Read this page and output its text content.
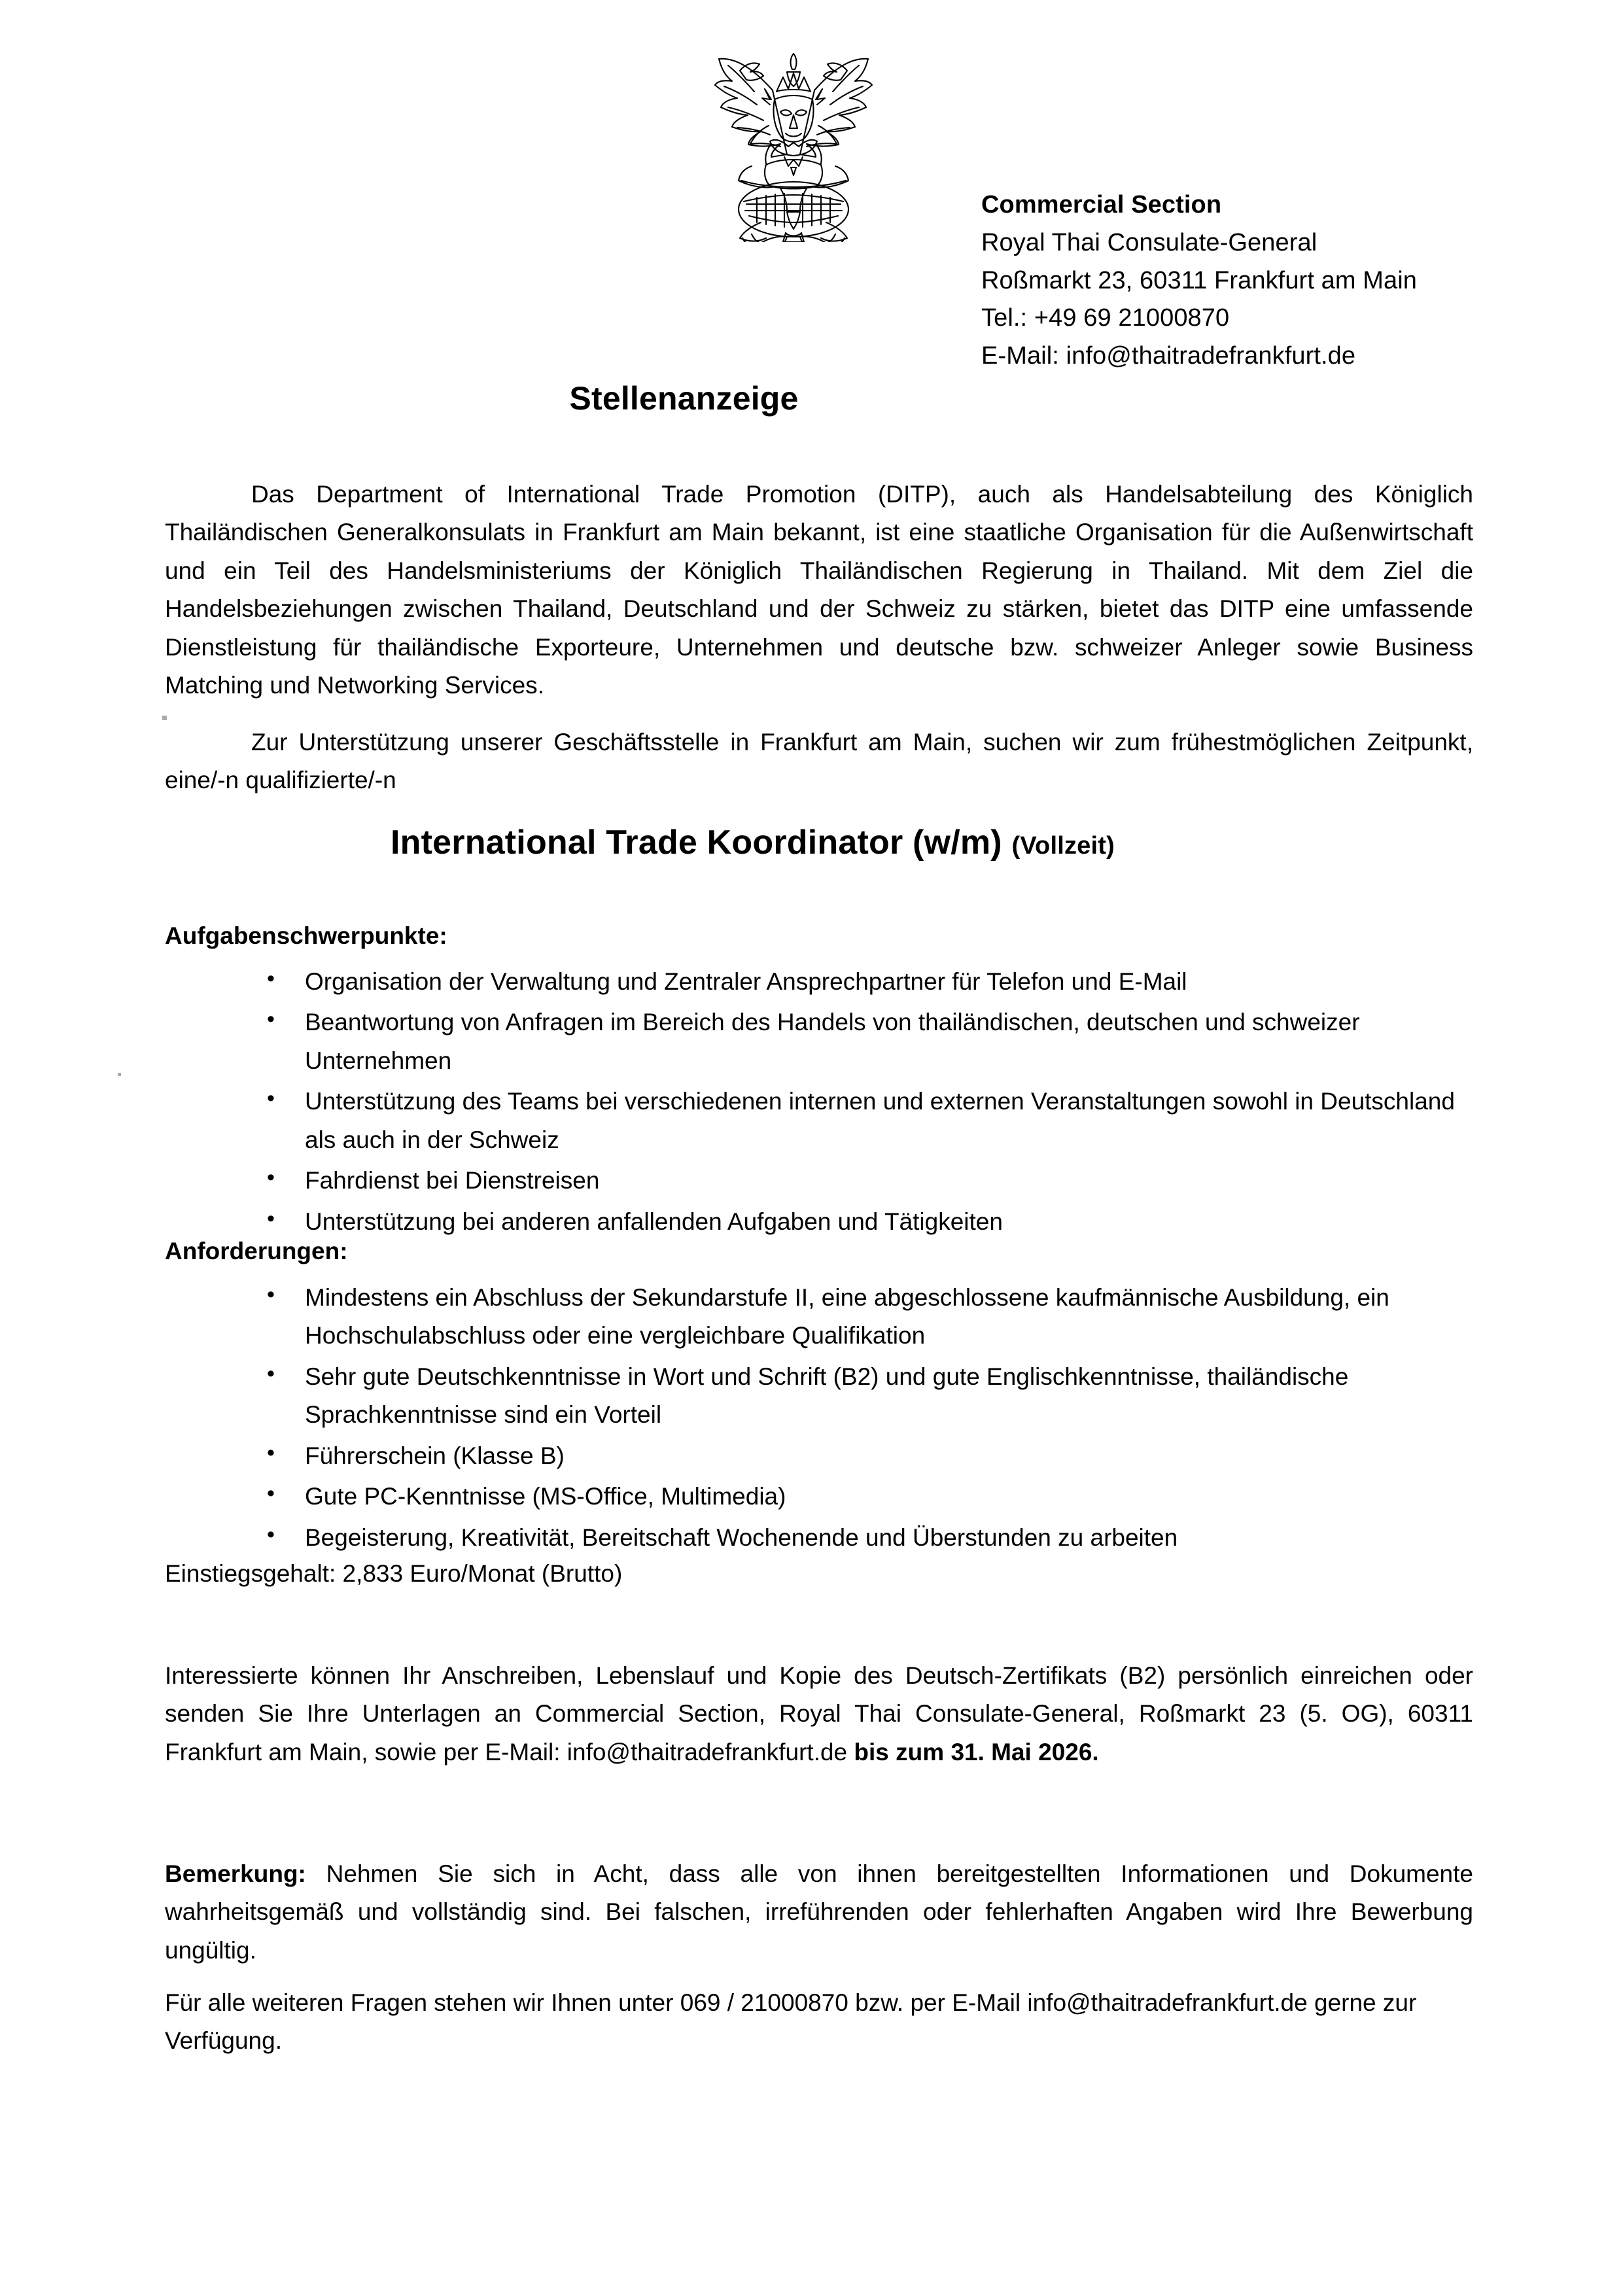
Commercial Section
Royal Thai Consulate-General
Roßmarkt 23, 60311 Frankfurt am Main
Tel.: +49 69 21000870
E-Mail: info@thaitradefrankfurt.de
Stellenanzeige

Das Department of International Trade Promotion (DITP), auch als Handelsabteilung des Königlich Thailändischen Generalkonsulats in Frankfurt am Main bekannt, ist eine staatliche Organisation für die Außenwirtschaft und ein Teil des Handelsministeriums der Königlich Thailändischen Regierung in Thailand. Mit dem Ziel die Handelsbeziehungen zwischen Thailand, Deutschland und der Schweiz zu stärken, bietet das DITP eine umfassende Dienstleistung für thailändische Exporteure, Unternehmen und deutsche bzw. schweizer Anleger sowie Business Matching und Networking Services.

Zur Unterstützung unserer Geschäftsstelle in Frankfurt am Main, suchen wir zum frühestmöglichen Zeitpunkt, eine/-n qualifizierte/-n

International Trade Koordinator (w/m) (Vollzeit)
Aufgabenschwerpunkte:
• Organisation der Verwaltung und Zentraler Ansprechpartner für Telefon und E-Mail
• Beantwortung von Anfragen im Bereich des Handels von thailändischen, deutschen und schweizer Unternehmen
• Unterstützung des Teams bei verschiedenen internen und externen Veranstaltungen sowohl in Deutschland als auch in der Schweiz
• Fahrdienst bei Dienstreisen
• Unterstützung bei anderen anfallenden Aufgaben und Tätigkeiten
Anforderungen:
• Mindestens ein Abschluss der Sekundarstufe II, eine abgeschlossene kaufmännische Ausbildung, ein Hochschulabschluss oder eine vergleichbare Qualifikation
• Sehr gute Deutschkenntnisse in Wort und Schrift (B2) und gute Englischkenntnisse, thailändische Sprachkenntnisse sind ein Vorteil
• Führerschein (Klasse B)
• Gute PC-Kenntnisse (MS-Office, Multimedia)
• Begeisterung, Kreativität, Bereitschaft Wochenende und Überstunden zu arbeiten
Einstiegsgehalt: 2,833 Euro/Monat (Brutto)

Interessierte können Ihr Anschreiben, Lebenslauf und Kopie des Deutsch-Zertifikats (B2) persönlich einreichen oder senden Sie Ihre Unterlagen an Commercial Section, Royal Thai Consulate-General, Roßmarkt 23 (5. OG), 60311 Frankfurt am Main, sowie per E-Mail: info@thaitradefrankfurt.de bis zum 31. Mai 2026.

Bemerkung: Nehmen Sie sich in Acht, dass alle von ihnen bereitgestellten Informationen und Dokumente wahrheitsgemäß und vollständig sind. Bei falschen, irreführenden oder fehlerhaften Angaben wird Ihre Bewerbung ungültig.

Für alle weiteren Fragen stehen wir Ihnen unter 069 / 21000870 bzw. per E-Mail info@thaitradefrankfurt.de gerne zur Verfügung.
